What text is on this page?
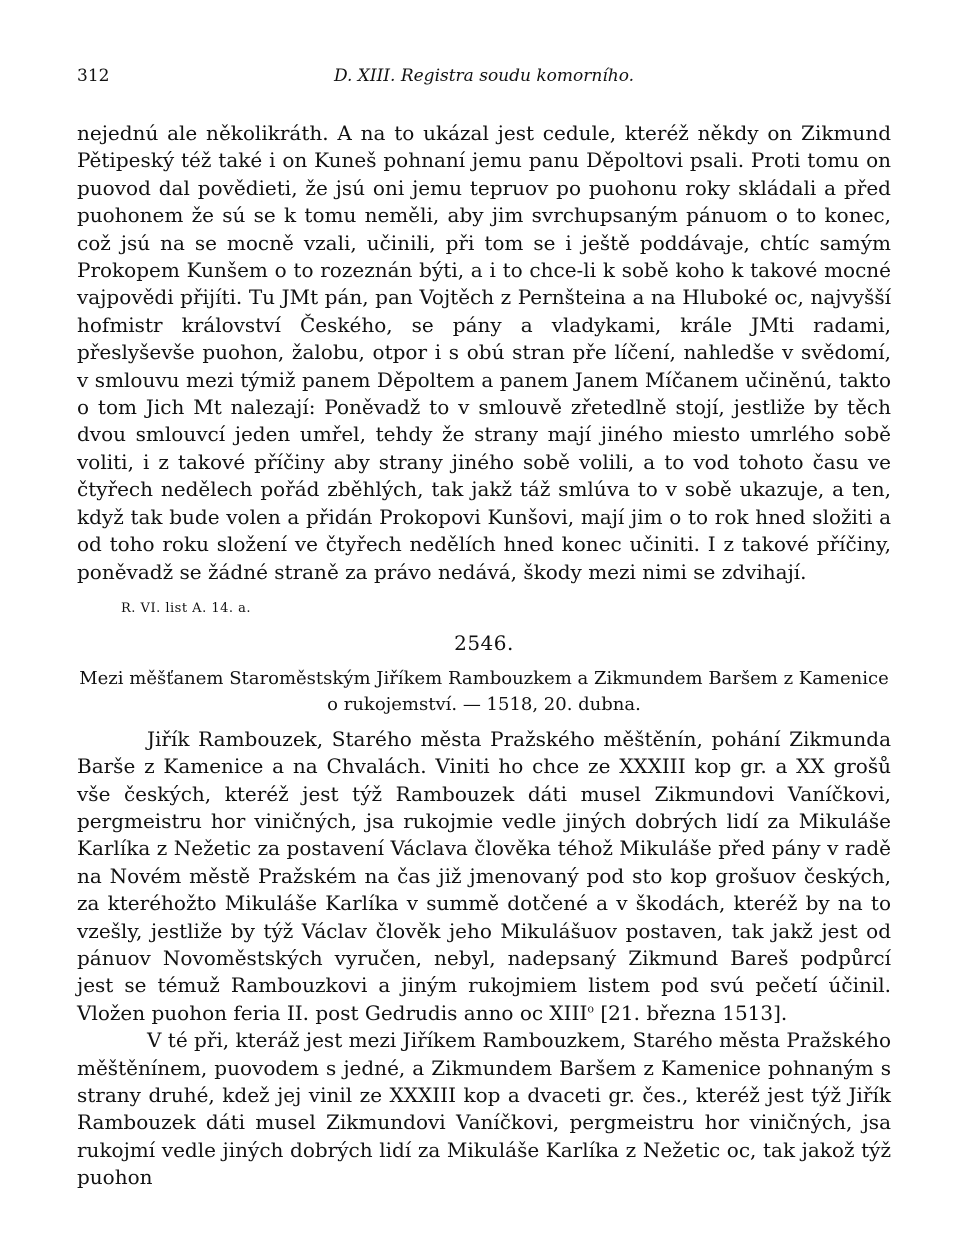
312	D. XIII. Registra soudu komorního.

nejednú ale několikráth. A na to ukázal jest cedule, kteréž někdy on Zikmund Pětipeský též také i on Kuneš pohnaní jemu panu Děpoltovi psali. Proti tomu on puovod dal povědieti, že jsú oni jemu tepruov po puohonu roky skládali a před puohonem že sú se k tomu neměli, aby jim svrchupsaným pánuom o to konec, což jsú na se mocně vzali, učinili, při tom se i ještě poddávaje, chtíc samým Prokopem Kunšem o to rozeznán býti, a i to chce-li k sobě koho k takové mocné vajpovědi přijíti. Tu JMt pán, pan Vojtěch z Pernšteina a na Hluboké oc, najvyšší hofmistr království Českého, se pány a vladykami, krále JMti radami, přeslyševše puohon, žalobu, otpor i s obú stran pře líčení, nahledše v svědomí, v smlouvu mezi týmiž panem Děpoltem a panem Janem Míčanem učiněnú, takto o tom Jich Mt nalezají: Poněvadž to v smlouvě zřetedlně stojí, jestliže by těch dvou smlouvcí jeden umřel, tehdy že strany mají jiného miesto umrlého sobě voliti, i z takové příčiny aby strany jiného sobě volili, a to vod tohoto času ve čtyřech nedělech pořád zběhlých, tak jakž táž smlúva to v sobě ukazuje, a ten, když tak bude volen a přidán Prokopovi Kunšovi, mají jim o to rok hned složiti a od toho roku složení ve čtyřech nedělích hned konec učiniti. I z takové příčiny, poněvadž se žádné straně za právo nedává, škody mezi nimi se zdvihají.

R. VI. list A. 14. a.
2546.
Mezi měšťanem Staroměstským Jiříkem Rambouzkem a Zikmundem Baršem z Kamenice
o rukojemství. — 1518, 20. dubna.

Jiřík Rambouzek, Starého města Pražského měštěnín, pohání Zikmunda Barše z Kamenice a na Chvalách. Viniti ho chce ze XXXIII kop gr. a XX grošů vše českých, kteréž jest týž Rambouzek dáti musel Zikmundovi Vaníčkovi, pergmeistru hor viničných, jsa rukojmie vedle jiných dobrých lidí za Mikuláše Karlíka z Nežetic za postavení Václava člověka téhož Mikuláše před pány v radě na Novém městě Pražském na čas již jmenovaný pod sto kop grošuov českých, za kteréhožto Mikuláše Karlíka v summě dotčené a v škodách, kteréž by na to vzešly, jestliže by týž Václav člověk jeho Mikulášuov postaven, tak jakž jest od pánuov Novoměstských vyručen, nebyl, nadepsaný Zikmund Bareš podpůrcí jest se témuž Rambouzkovi a jiným rukojmiem listem pod svú pečetí účinil. Vložen puohon feria II. post Gedrudis anno oc XIII$^o$ [21. března 1513].

V té při, kteráž jest mezi Jiříkem Rambouzkem, Starého města Pražského měštěnínem, puovodem s jedné, a Zikmundem Baršem z Kamenice pohnaným s strany druhé, kdež jej vinil ze XXXIII kop a dvaceti gr. čes., kteréž jest týž Jiřík Rambouzek dáti musel Zikmundovi Vaníčkovi, pergmeistru hor viničných, jsa rukojmí vedle jiných dobrých lidí za Mikuláše Karlíka z Nežetic oc, tak jakož týž puohon
